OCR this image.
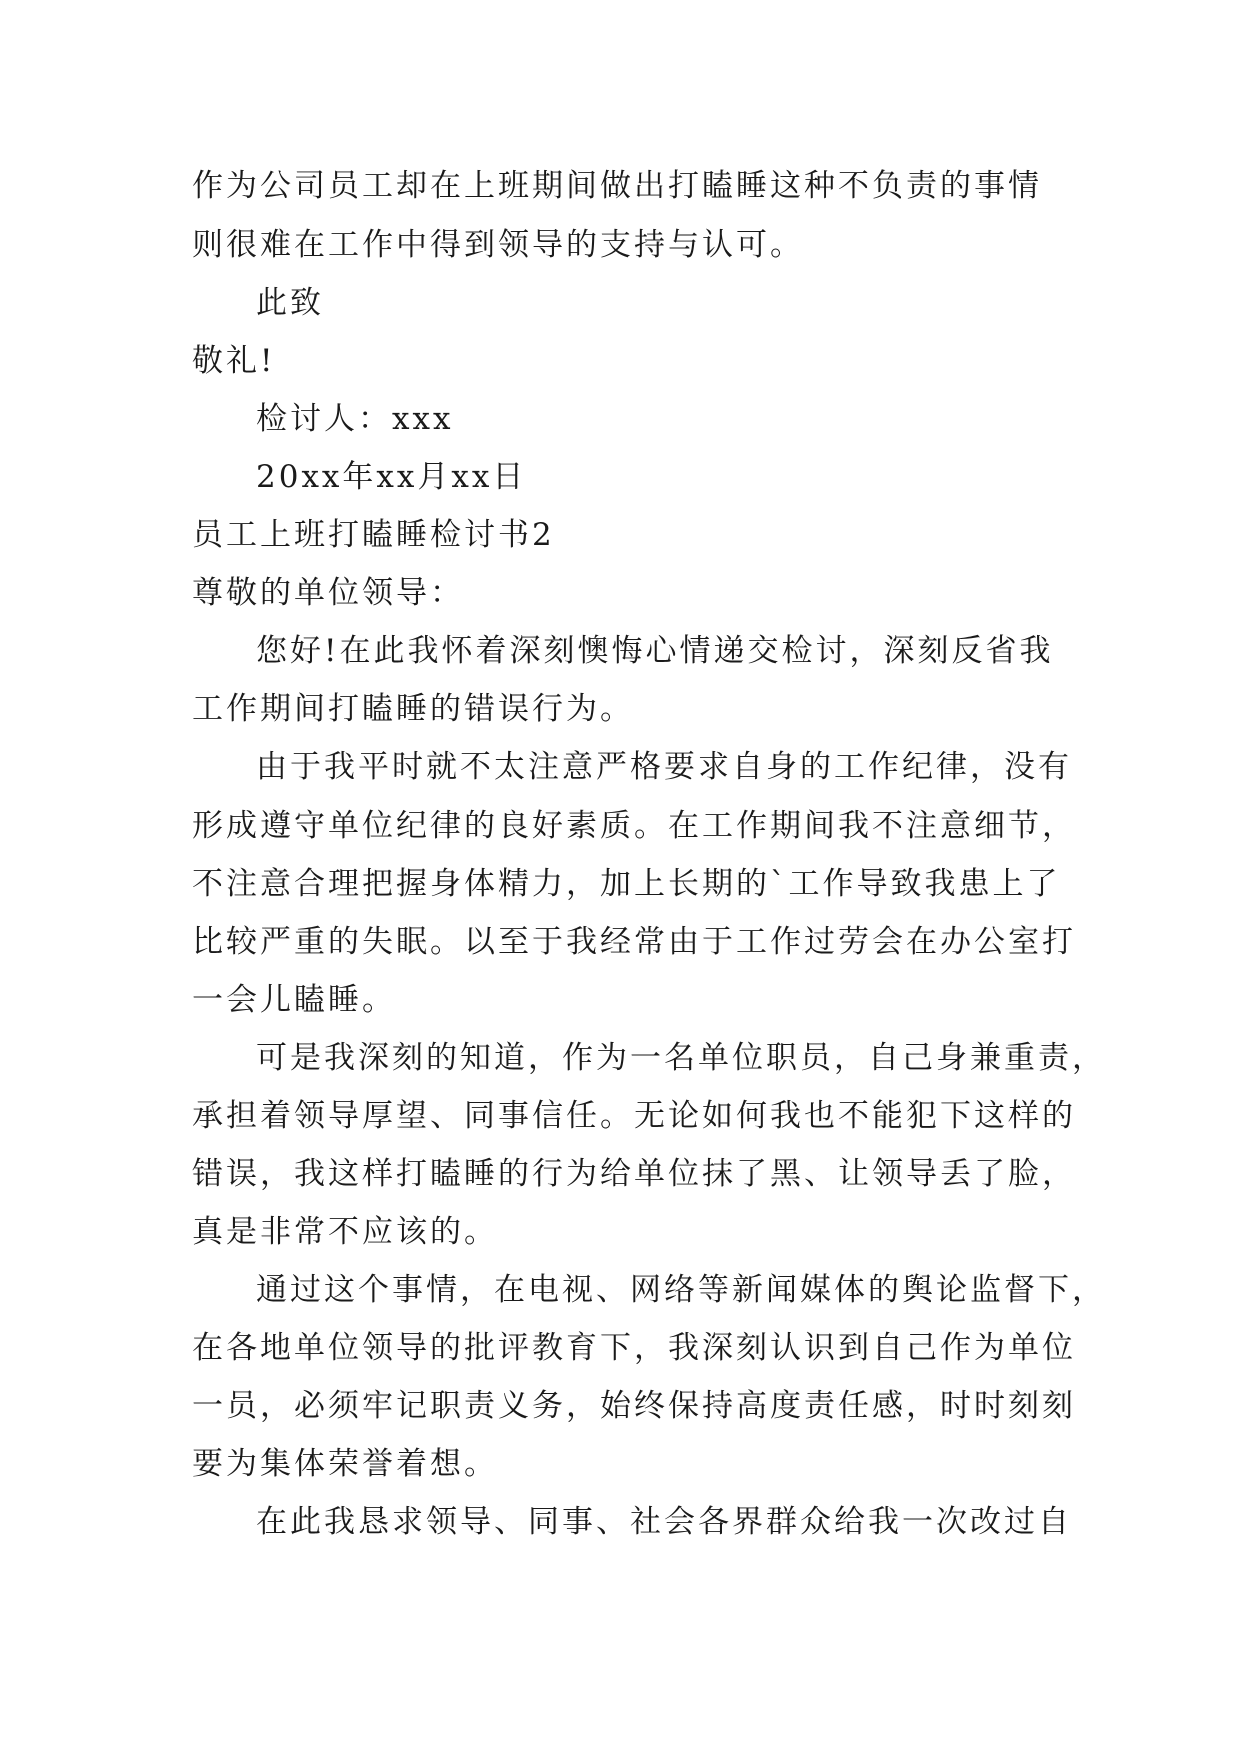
作为公司员工却在上班期间做出打瞌睡这种不负责的事情
则很难在工作中得到领导的支持与认可。
此致
敬礼!
检讨人：xxx
20xx年xx月xx日
员工上班打瞌睡检讨书2
尊敬的单位领导：
您好!在此我怀着深刻懊悔心情递交检讨，深刻反省我
工作期间打瞌睡的错误行为。
由于我平时就不太注意严格要求自身的工作纪律，没有
形成遵守单位纪律的良好素质。在工作期间我不注意细节，
不注意合理把握身体精力，加上长期的`工作导致我患上了
比较严重的失眠。以至于我经常由于工作过劳会在办公室打
一会儿瞌睡。
可是我深刻的知道，作为一名单位职员，自己身兼重责，
承担着领导厚望、同事信任。无论如何我也不能犯下这样的
错误，我这样打瞌睡的行为给单位抹了黑、让领导丢了脸，
真是非常不应该的。
通过这个事情，在电视、网络等新闻媒体的舆论监督下，
在各地单位领导的批评教育下，我深刻认识到自己作为单位
一员，必须牢记职责义务，始终保持高度责任感，时时刻刻
要为集体荣誉着想。
在此我恳求领导、同事、社会各界群众给我一次改过自
